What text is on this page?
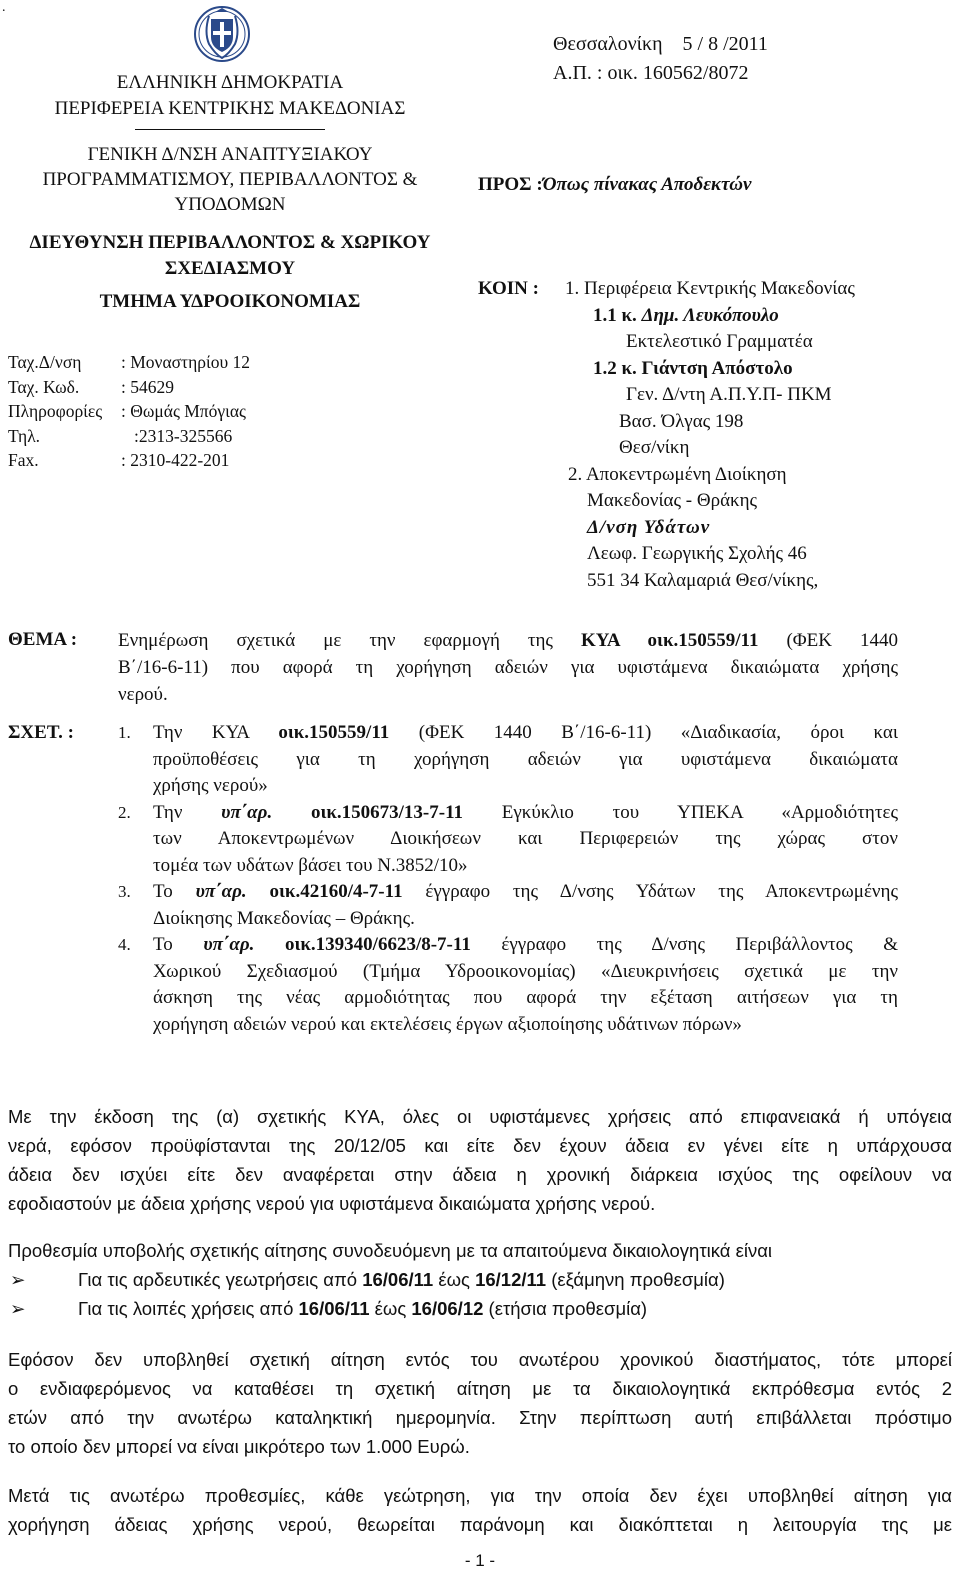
.
ΕΛΛΗΝΙΚΗ ΔΗΜΟΚΡΑΤΙΑ
ΠΕΡΙΦΕΡΕΙΑ ΚΕΝΤΡΙΚΗΣ ΜΑΚΕΔΟΝΙΑΣ
ΓΕΝΙΚΗ Δ/ΝΣΗ ΑΝΑΠΤΥΞΙΑΚΟΥ
ΠΡΟΓΡΑΜΜΑΤΙΣΜΟΥ, ΠΕΡΙΒΑΛΛΟΝΤΟΣ &
ΥΠΟΔΟΜΩΝ
ΔΙΕΥΘΥΝΣΗ ΠΕΡΙΒΑΛΛΟΝΤΟΣ & ΧΩΡΙΚΟΥ
ΣΧΕΔΙΑΣΜΟΥ
ΤΜΗΜΑ ΥΔΡΟΟΙΚΟΝΟΜΙΑΣ
Ταχ.Δ/νση : Μοναστηρίου 12
Ταχ. Κωδ. : 54629
Πληροφορίες : Θωμάς Μπόγιας
Τηλ.	:2313-325566
Fax.	: 2310-422-201
Θεσσαλονίκη    5 / 8 /2011
Α.Π. : οικ. 160562/8072
ΠΡΟΣ :Όπως πίνακας Αποδεκτών
ΚΟΙΝ : 1. Περιφέρεια Κεντρικής Μακεδονίας
1.1 κ. Δημ. Λευκόπουλο
Εκτελεστικό Γραμματέα
1.2 κ. Γιάντση Απόστολο
Γεν. Δ/ντη Α.Π.Υ.Π- ΠΚΜ
Βασ. Όλγας 198
Θεσ/νίκη
2. Αποκεντρωμένη Διοίκηση
Μακεδονίας - Θράκης
Δ/νση Υδάτων
Λεωφ. Γεωργικής Σχολής 46
551 34 Καλαμαριά Θεσ/νίκης,
ΘΕΜΑ : Ενημέρωση σχετικά με την εφαρμογή της ΚΥΑ οικ.150559/11 (ΦΕΚ 1440
Β΄/16-6-11) που αφορά τη χορήγηση αδειών για υφιστάμενα δικαιώματα χρήσης
νερού.
ΣΧΕΤ. :	1. Την ΚΥΑ οικ.150559/11 (ΦΕΚ 1440 Β΄/16-6-11) «Διαδικασία, όροι και
προϋποθέσεις για τη χορήγηση αδειών για υφιστάμενα δικαιώματα
χρήσης νερού»
2. Την υπ΄αρ. οικ.150673/13-7-11 Εγκύκλιο του ΥΠΕΚΑ «Αρμοδιότητες
των Αποκεντρωμένων Διοικήσεων και Περιφερειών της χώρας στον
τομέα των υδάτων βάσει του Ν.3852/10»
3. Το υπ΄αρ. οικ.42160/4-7-11 έγγραφο της Δ/νσης Υδάτων της Αποκεντρωμένης
Διοίκησης Μακεδονίας – Θράκης.
4. Το υπ΄αρ. οικ.139340/6623/8-7-11 έγγραφο της Δ/νσης Περιβάλλοντος &
Χωρικού Σχεδιασμού (Τμήμα Υδροοικονομίας) «Διευκρινήσεις σχετικά με την
άσκηση της νέας αρμοδιότητας που αφορά την εξέταση αιτήσεων για τη
χορήγηση αδειών νερού και εκτελέσεις έργων αξιοποίησης υδάτινων πόρων»
Με την έκδοση της (α) σχετικής ΚΥΑ, όλες οι υφιστάμενες χρήσεις από επιφανειακά ή υπόγεια
νερά, εφόσον προϋφίστανται της 20/12/05 και είτε δεν έχουν άδεια εν γένει είτε η υπάρχουσα
άδεια δεν ισχύει είτε δεν αναφέρεται στην άδεια η χρονική διάρκεια ισχύος της οφείλουν να
εφοδιαστούν με άδεια χρήσης νερού για υφιστάμενα δικαιώματα χρήσης νερού.
Προθεσμία υποβολής σχετικής αίτησης συνοδευόμενη με τα απαιτούμενα δικαιολογητικά είναι
➢	Για τις αρδευτικές γεωτρήσεις από 16/06/11 έως 16/12/11 (εξάμηνη προθεσμία)
➢	Για τις λοιπές χρήσεις από 16/06/11 έως 16/06/12 (ετήσια προθεσμία)
Εφόσον δεν υποβληθεί σχετική αίτηση εντός του ανωτέρου χρονικού διαστήματος, τότε μπορεί
ο ενδιαφερόμενος να καταθέσει τη σχετική αίτηση με τα δικαιολογητικά εκπρόθεσμα εντός 2
ετών από την ανωτέρω καταληκτική ημερομηνία. Στην περίπτωση αυτή επιβάλλεται πρόστιμο
το οποίο δεν μπορεί να είναι μικρότερο των 1.000 Ευρώ.
Μετά τις ανωτέρω προθεσμίες, κάθε γεώτρηση, για την οποία δεν έχει υποβληθεί αίτηση για
χορήγηση άδειας χρήσης νερού, θεωρείται παράνομη και διακόπτεται η λειτουργία της με
- 1 -
